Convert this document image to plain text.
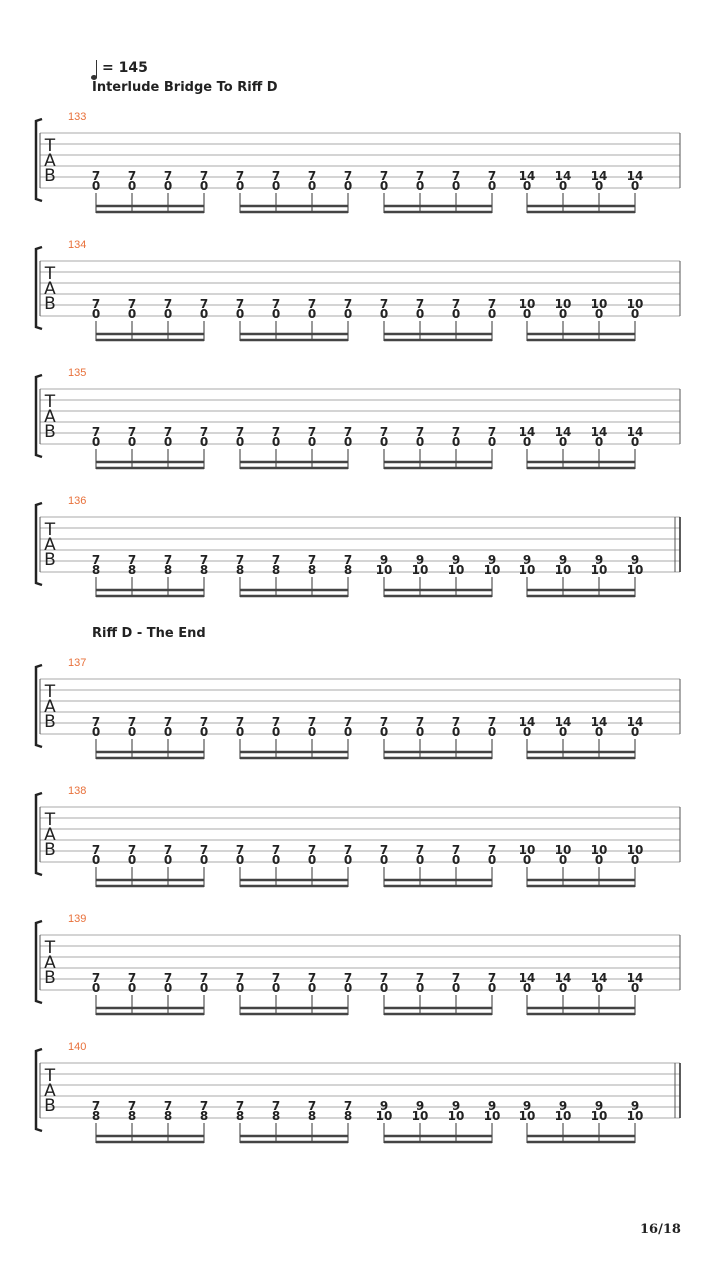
= 145
Interlude Bridge To Riff D
Riff D - The End
T
A
B
133
7 7 7 7 7 7 7 7 7 7 7 7 14 14 14 14
0 0 0 0 0 0 0 0 0 0 0 0 0 0 0 0
T
A
B
134
7 7 7 7 7 7 7 7 7 7 7 7 10 10 10 10
0 0 0 0 0 0 0 0 0 0 0 0 0 0 0 0
T
A
B
135
7 7 7 7 7 7 7 7 7 7 7 7 14 14 14 14
0 0 0 0 0 0 0 0 0 0 0 0 0 0 0 0
T
A
B
136
7 7 7 7 7 7 7 7 9 9 9 9 9 9 9 9
8 8 8 8 8 8 8 8 10 10 10 10 10 10 10 10
T
A
B
137
7 7 7 7 7 7 7 7 7 7 7 7 14 14 14 14
0 0 0 0 0 0 0 0 0 0 0 0 0 0 0 0
T
A
B
138
7 7 7 7 7 7 7 7 7 7 7 7 10 10 10 10
0 0 0 0 0 0 0 0 0 0 0 0 0 0 0 0
T
A
B
139
7 7 7 7 7 7 7 7 7 7 7 7 14 14 14 14
0 0 0 0 0 0 0 0 0 0 0 0 0 0 0 0
T
A
B
140
7 7 7 7 7 7 7 7 9 9 9 9 9 9 9 9
8 8 8 8 8 8 8 8 10 10 10 10 10 10 10 10
16/18
